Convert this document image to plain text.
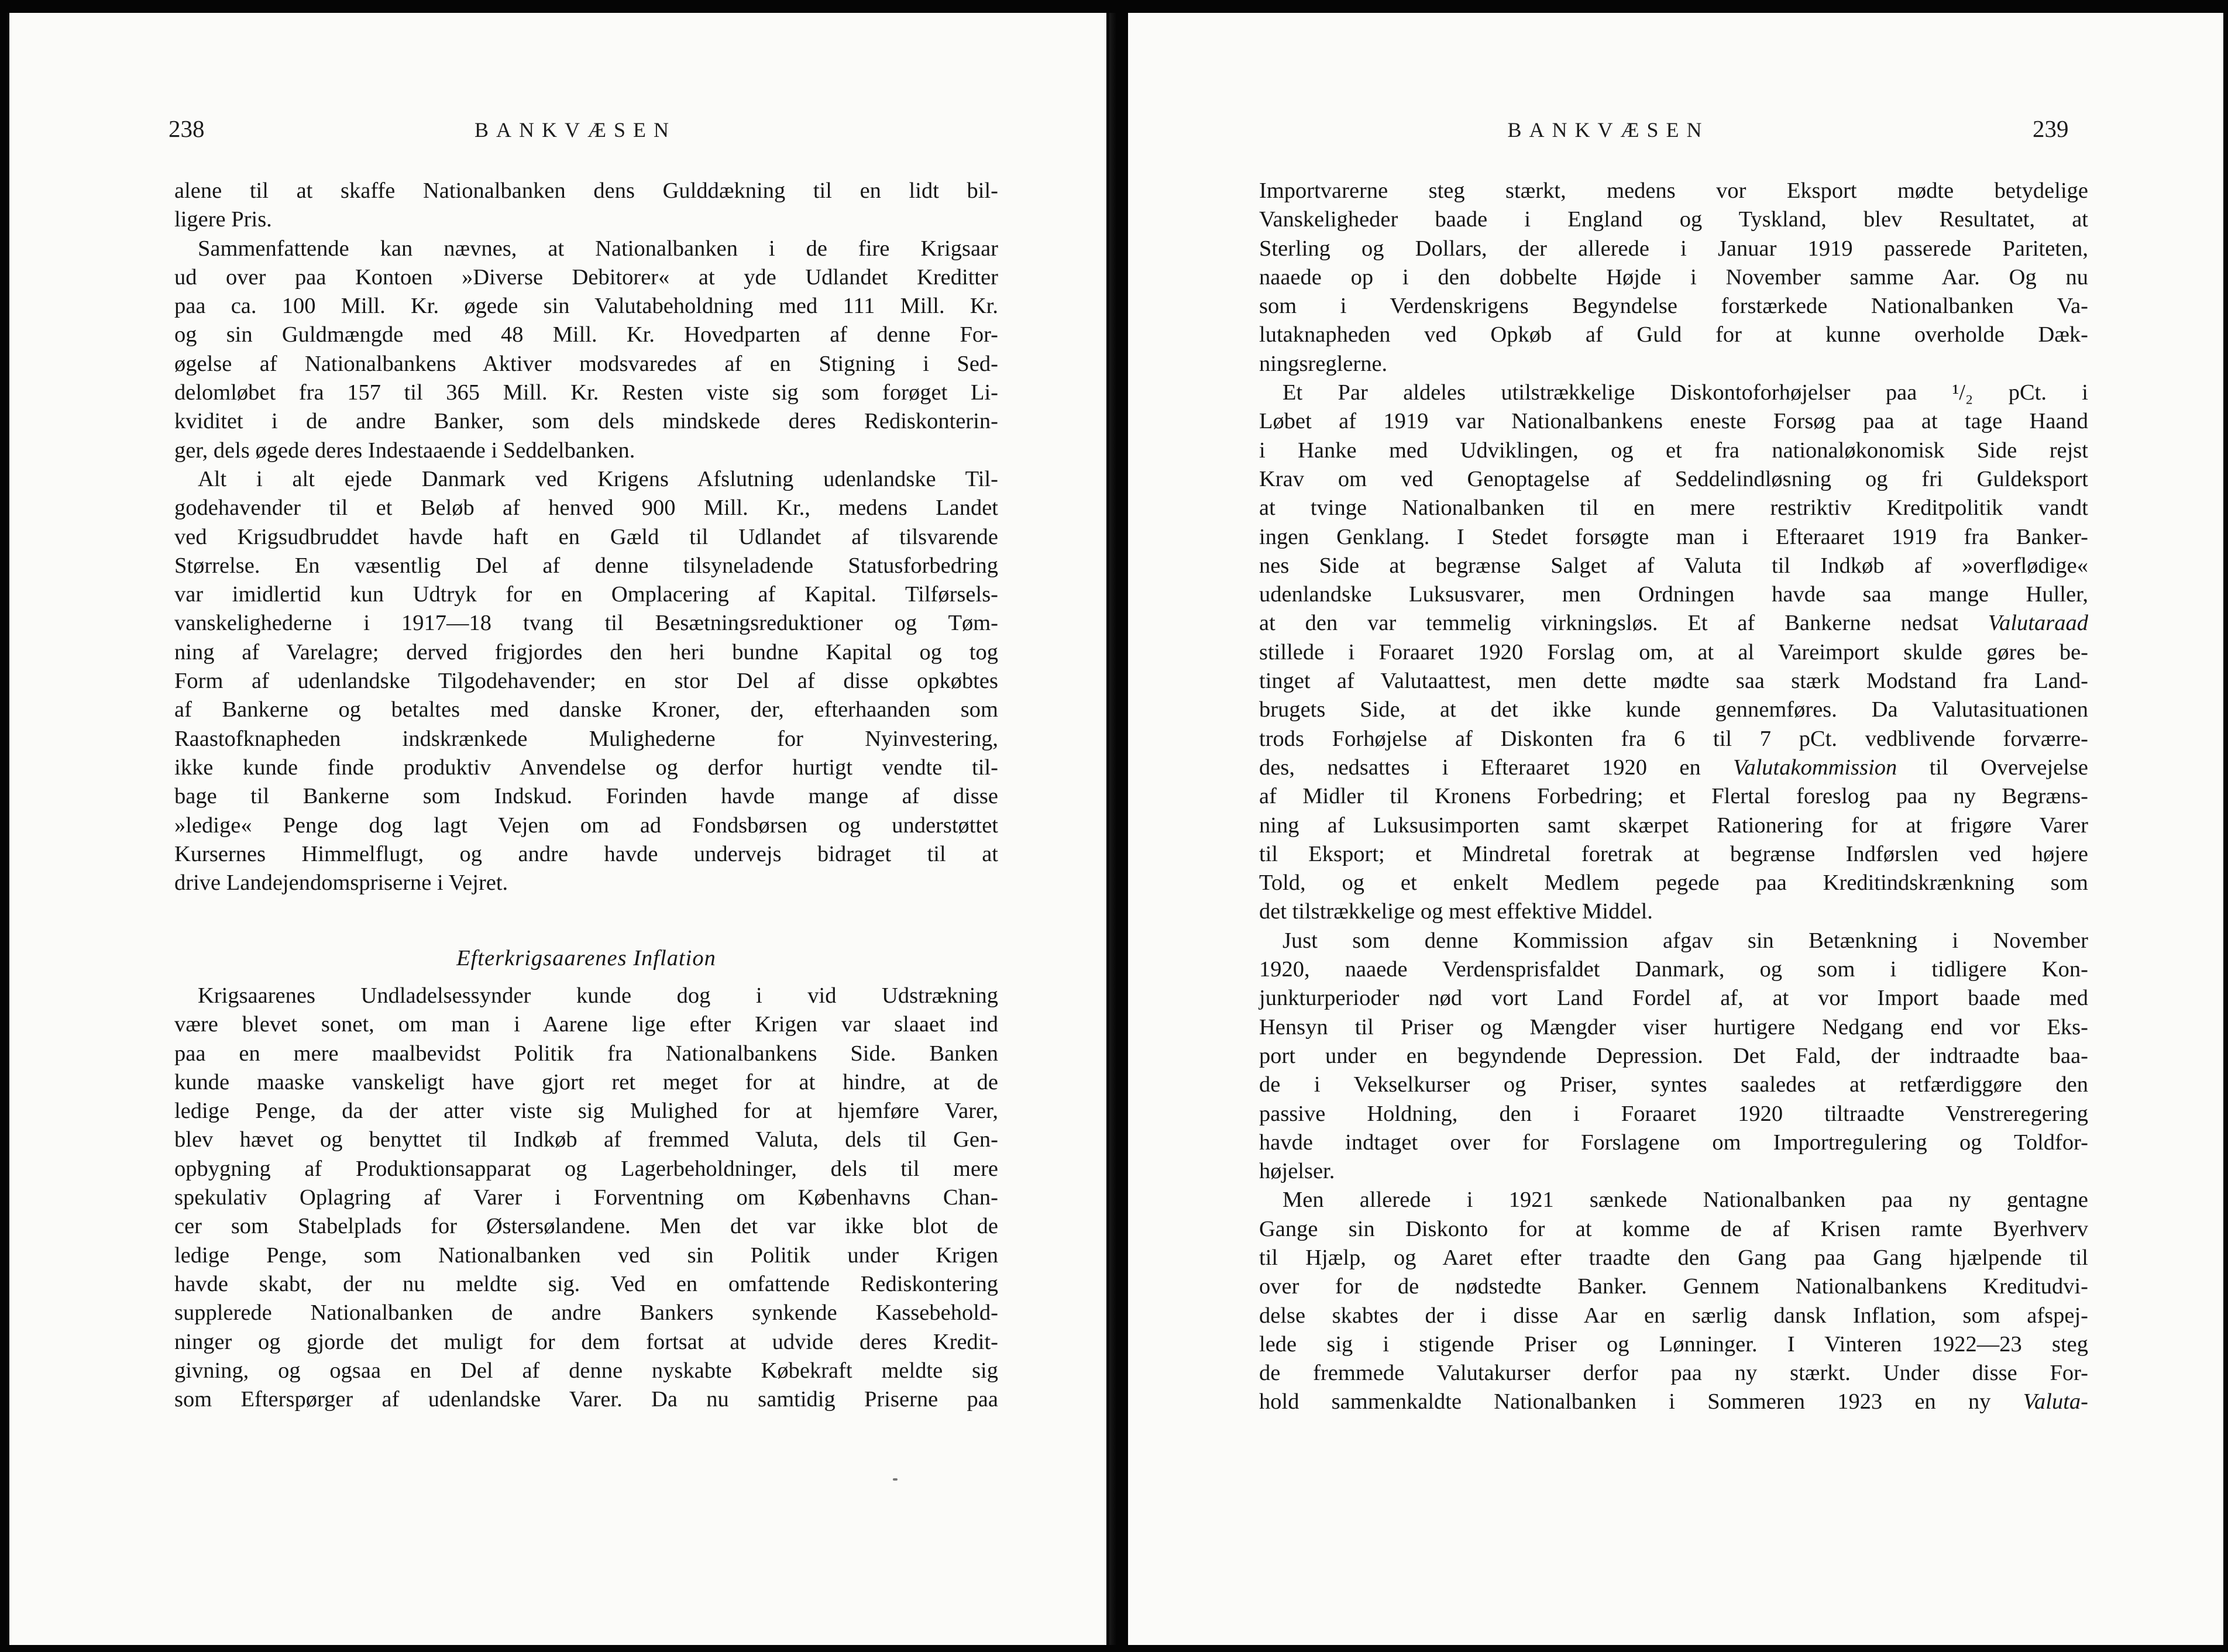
238	BANKVÆSEN
alene til at skaffe Nationalbanken dens Gulddækning til en lidt bil-
ligere Pris.
Sammenfattende kan nævnes, at Nationalbanken i de fire Krigsaar
ud over paa Kontoen »Diverse Debitorer« at yde Udlandet Kreditter
paa ca. 100 Mill. Kr. øgede sin Valutabeholdning med 111 Mill. Kr.
og sin Guldmængde med 48 Mill. Kr. Hovedparten af denne For-
øgelse af Nationalbankens Aktiver modsvaredes af en Stigning i Sed-
delomløbet fra 157 til 365 Mill. Kr. Resten viste sig som forøget Li-
kviditet i de andre Banker, som dels mindskede deres Rediskonterin-
ger, dels øgede deres Indestaaende i Seddelbanken.
Alt i alt ejede Danmark ved Krigens Afslutning udenlandske Til-
godehavender til et Beløb af henved 900 Mill. Kr., medens Landet
ved Krigsudbruddet havde haft en Gæld til Udlandet af tilsvarende
Størrelse. En væsentlig Del af denne tilsyneladende Statusforbedring
var imidlertid kun Udtryk for en Omplacering af Kapital. Tilførsels-
vanskelighederne i 1917—18 tvang til Besætningsreduktioner og Tøm-
ning af Varelagre; derved frigjordes den heri bundne Kapital og tog
Form af udenlandske Tilgodehavender; en stor Del af disse opkøbtes
af Bankerne og betaltes med danske Kroner, der, efterhaanden som
Raastofknapheden indskrænkede Mulighederne for Nyinvestering,
ikke kunde finde produktiv Anvendelse og derfor hurtigt vendte til-
bage til Bankerne som Indskud. Forinden havde mange af disse
»ledige« Penge dog lagt Vejen om ad Fondsbørsen og understøttet
Kursernes Himmelflugt, og andre havde undervejs bidraget til at
drive Landejendomspriserne i Vejret.
Efterkrigsaarenes Inflation
Krigsaarenes Undladelsessynder kunde dog i vid Udstrækning
være blevet sonet, om man i Aarene lige efter Krigen var slaaet ind
paa en mere maalbevidst Politik fra Nationalbankens Side. Banken
kunde maaske vanskeligt have gjort ret meget for at hindre, at de
ledige Penge, da der atter viste sig Mulighed for at hjemføre Varer,
blev hævet og benyttet til Indkøb af fremmed Valuta, dels til Gen-
opbygning af Produktionsapparat og Lagerbeholdninger, dels til mere
spekulativ Oplagring af Varer i Forventning om Københavns Chan-
cer som Stabelplads for Østersølandene. Men det var ikke blot de
ledige Penge, som Nationalbanken ved sin Politik under Krigen
havde skabt, der nu meldte sig. Ved en omfattende Rediskontering
supplerede Nationalbanken de andre Bankers synkende Kassebehold-
ninger og gjorde det muligt for dem fortsat at udvide deres Kredit-
givning, og ogsaa en Del af denne nyskabte Købekraft meldte sig
som Efterspørger af udenlandske Varer. Da nu samtidig Priserne paa
BANKVÆSEN	239
Importvarerne steg stærkt, medens vor Eksport mødte betydelige
Vanskeligheder baade i England og Tyskland, blev Resultatet, at
Sterling og Dollars, der allerede i Januar 1919 passerede Pariteten,
naaede op i den dobbelte Højde i November samme Aar. Og nu
som i Verdenskrigens Begyndelse forstærkede Nationalbanken Va-
lutaknapheden ved Opkøb af Guld for at kunne overholde Dæk-
ningsreglerne.
Et Par aldeles utilstrækkelige Diskontoforhøjelser paa ¹/₂ pCt. i
Løbet af 1919 var Nationalbankens eneste Forsøg paa at tage Haand
i Hanke med Udviklingen, og et fra nationaløkonomisk Side rejst
Krav om ved Genoptagelse af Seddelindløsning og fri Guldeksport
at tvinge Nationalbanken til en mere restriktiv Kreditpolitik vandt
ingen Genklang. I Stedet forsøgte man i Efteraaret 1919 fra Banker-
nes Side at begrænse Salget af Valuta til Indkøb af »overflødige«
udenlandske Luksusvarer, men Ordningen havde saa mange Huller,
at den var temmelig virkningsløs. Et af Bankerne nedsat Valutaraad
stillede i Foraaret 1920 Forslag om, at al Vareimport skulde gøres be-
tinget af Valutaattest, men dette mødte saa stærk Modstand fra Land-
brugets Side, at det ikke kunde gennemføres. Da Valutasituationen
trods Forhøjelse af Diskonten fra 6 til 7 pCt. vedblivende forværre-
des, nedsattes i Efteraaret 1920 en Valutakommission til Overvejelse
af Midler til Kronens Forbedring; et Flertal foreslog paa ny Begræns-
ning af Luksusimporten samt skærpet Rationering for at frigøre Varer
til Eksport; et Mindretal foretrak at begrænse Indførslen ved højere
Told, og et enkelt Medlem pegede paa Kreditindskrænkning som
det tilstrækkelige og mest effektive Middel.
Just som denne Kommission afgav sin Betænkning i November
1920, naaede Verdensprisfaldet Danmark, og som i tidligere Kon-
junkturperioder nød vort Land Fordel af, at vor Import baade med
Hensyn til Priser og Mængder viser hurtigere Nedgang end vor Eks-
port under en begyndende Depression. Det Fald, der indtraadte baa-
de i Vekselkurser og Priser, syntes saaledes at retfærdiggøre den
passive Holdning, den i Foraaret 1920 tiltraadte Venstreregering
havde indtaget over for Forslagene om Importregulering og Toldfor-
højelser.
Men allerede i 1921 sænkede Nationalbanken paa ny gentagne
Gange sin Diskonto for at komme de af Krisen ramte Byerhverv
til Hjælp, og Aaret efter traadte den Gang paa Gang hjælpende til
over for de nødstedte Banker. Gennem Nationalbankens Kreditudvi-
delse skabtes der i disse Aar en særlig dansk Inflation, som afspej-
lede sig i stigende Priser og Lønninger. I Vinteren 1922—23 steg
de fremmede Valutakurser derfor paa ny stærkt. Under disse For-
hold sammenkaldte Nationalbanken i Sommeren 1923 en ny Valuta-
